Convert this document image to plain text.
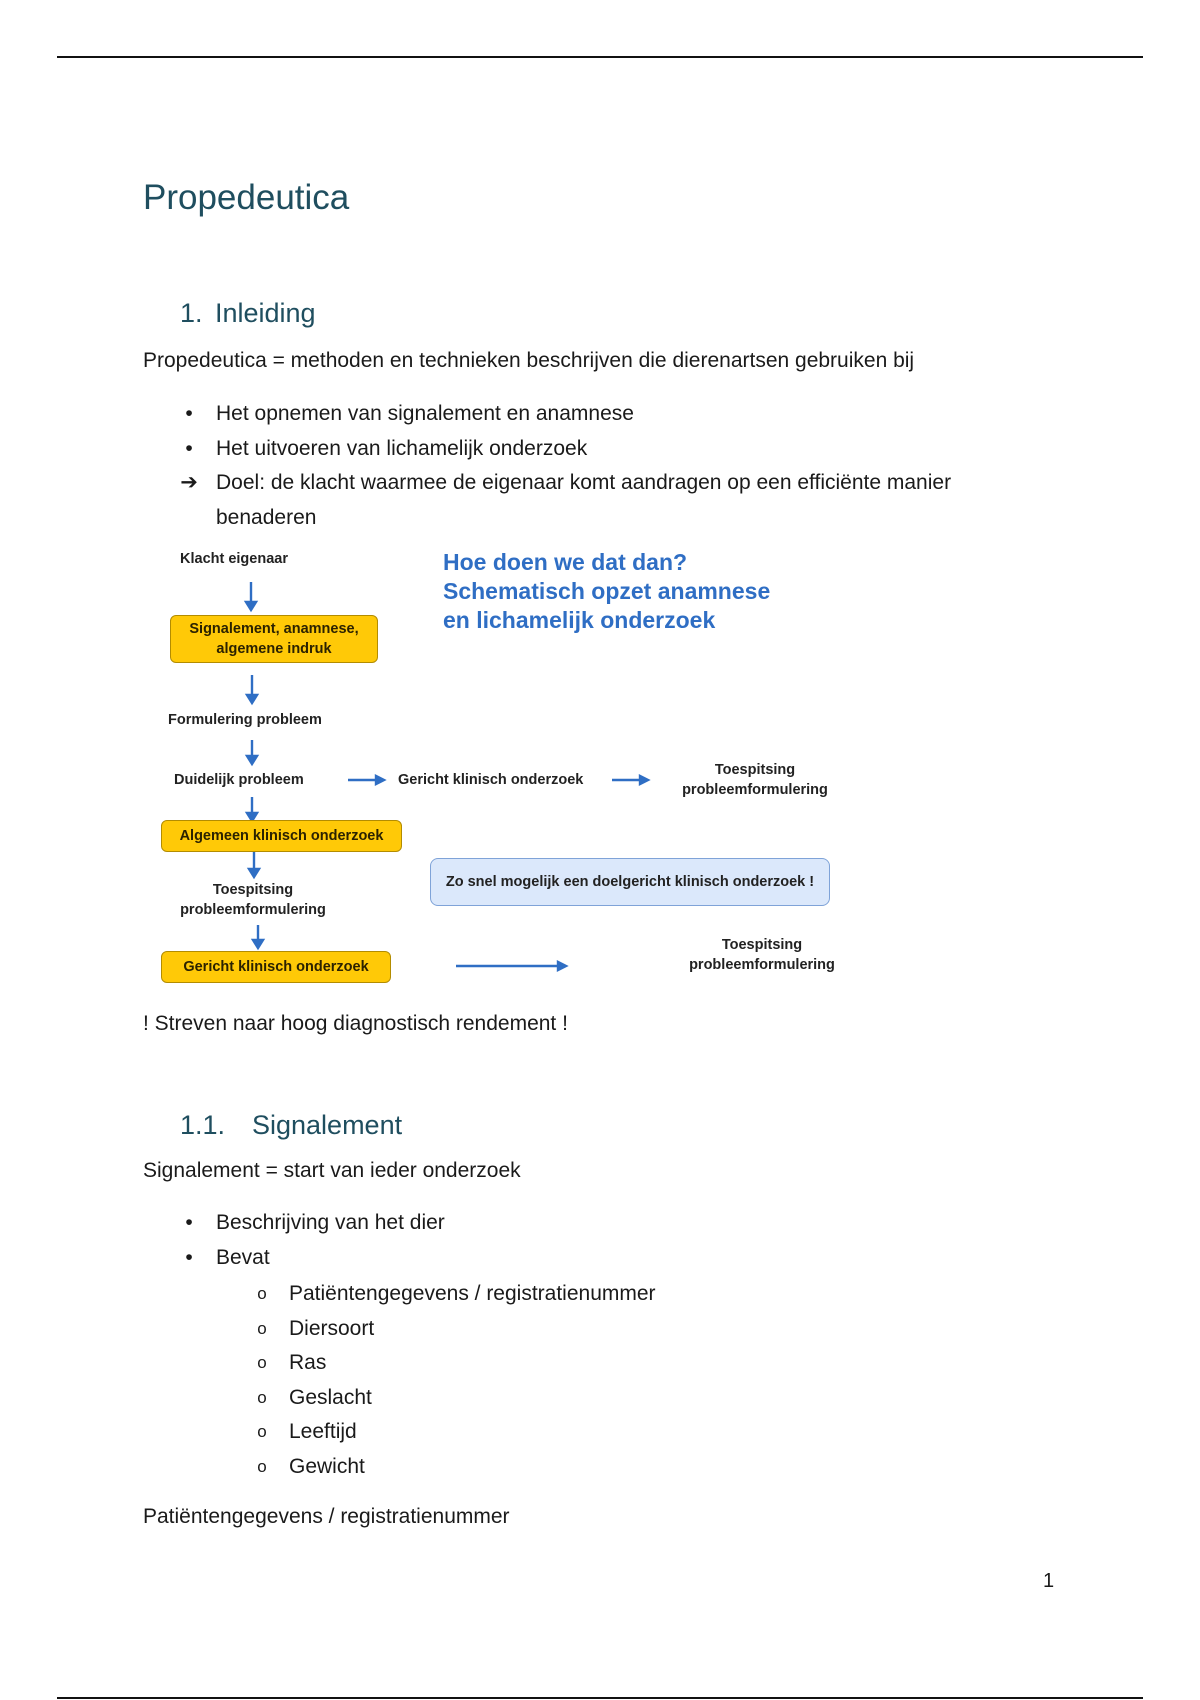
Propedeutica
1. Inleiding

Propedeutica = methoden en technieken beschrijven die dierenartsen gebruiken bij

•	Het opnemen van signalement en anamnese
•	Het uitvoeren van lichamelijk onderzoek
➔ Doel: de klacht waarmee de eigenaar komt aandragen op een efficiënte manier benaderen
Klacht eigenaar
Signalement, anamnese, algemene indruk
Formulering probleem
Duidelijk probleem	Gericht klinisch onderzoek
Toespitsing probleemformulering
Algemeen klinisch onderzoek
Toespitsing probleemformulering
Zo snel mogelijk een doelgericht klinisch onderzoek !
Gericht klinisch onderzoek
Toespitsing probleemformulering
Hoe doen we dat dan?
Schematisch opzet anamnese
en lichamelijk onderzoek

! Streven naar hoog diagnostisch rendement !

1.1. Signalement

Signalement = start van ieder onderzoek

•	Beschrijving van het dier
•	Bevat
o Patiëntengegevens / registratienummer
o Diersoort
o Ras
o Geslacht
o Leeftijd
o Gewicht

Patiëntengegevens / registratienummer

1
